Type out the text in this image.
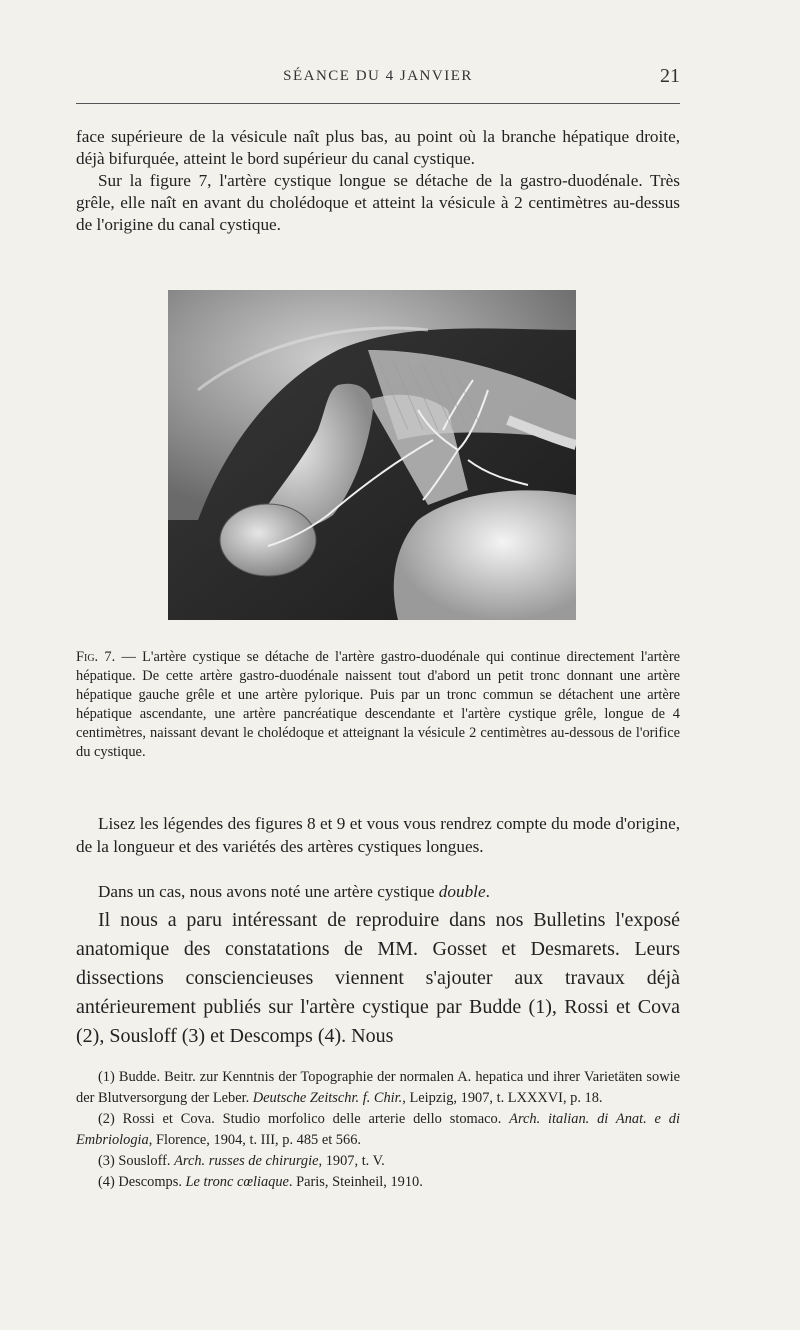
SÉANCE DU 4 JANVIER	21
face supérieure de la vésicule naît plus bas, au point où la branche hépatique droite, déjà bifurquée, atteint le bord supérieur du canal cystique.
Sur la figure 7, l'artère cystique longue se détache de la gastro-duodénale. Très grêle, elle naît en avant du cholédoque et atteint la vésicule à 2 centimètres au-dessus de l'origine du canal cystique.

Fig. 7. — L'artère cystique se détache de l'artère gastro-duodénale qui continue directement l'artère hépatique. De cette artère gastro-duodénale naissent tout d'abord un petit tronc donnant une artère hépatique gauche grêle et une artère pylorique. Puis par un tronc commun se détachent une artère hépatique ascendante, une artère pancréatique descendante et l'artère cystique grêle, longue de 4 centimètres, naissant devant le cholédoque et atteignant la vésicule 2 centimètres au-dessous de l'orifice du cystique.

Lisez les légendes des figures 8 et 9 et vous vous rendrez compte du mode d'origine, de la longueur et des variétés des artères cystiques longues.

Dans un cas, nous avons noté une artère cystique double.

Il nous a paru intéressant de reproduire dans nos Bulletins l'exposé anatomique des constatations de MM. Gosset et Desmarets. Leurs dissections consciencieuses viennent s'ajouter aux travaux déjà antérieurement publiés sur l'artère cystique par Budde (1), Rossi et Cova (2), Sousloff (3) et Descomps (4). Nous

(1) Budde. Beitr. zur Kenntnis der Topographie der normalen A. hepatica und ihrer Varietäten sowie der Blutversorgung der Leber. Deutsche Zeitschr. f. Chir., Leipzig, 1907, t. LXXXVI, p. 18.
(2) Rossi et Cova. Studio morfolico delle arterie dello stomaco. Arch. italian. di Anat. e di Embriologia, Florence, 1904, t. III, p. 485 et 566.
(3) Sousloff. Arch. russes de chirurgie, 1907, t. V.
(4) Descomps. Le tronc cœliaque. Paris, Steinheil, 1910.
